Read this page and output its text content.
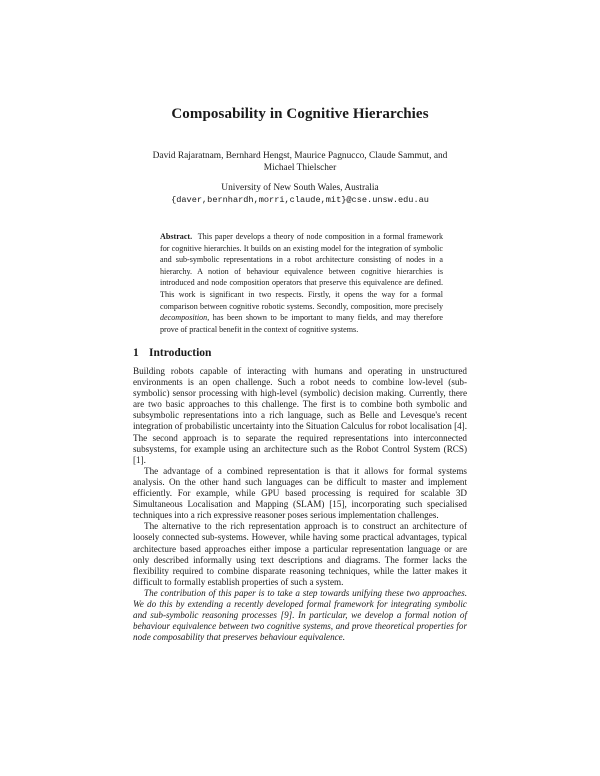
Composability in Cognitive Hierarchies
David Rajaratnam, Bernhard Hengst, Maurice Pagnucco, Claude Sammut, and
Michael Thielscher
University of New South Wales, Australia
{daver,bernhardh,morri,claude,mit}@cse.unsw.edu.au
Abstract. This paper develops a theory of node composition in a formal framework for cognitive hierarchies. It builds on an existing model for the integration of symbolic and sub-symbolic representations in a robot architecture consisting of nodes in a hierarchy. A notion of behaviour equivalence between cognitive hierarchies is introduced and node composition operators that preserve this equivalence are defined. This work is significant in two respects. Firstly, it opens the way for a formal comparison between cognitive robotic systems. Secondly, composition, more precisely decomposition, has been shown to be important to many fields, and may therefore prove of practical benefit in the context of cognitive systems.
1 Introduction

Building robots capable of interacting with humans and operating in unstructured environments is an open challenge. Such a robot needs to combine low-level (sub-symbolic) sensor processing with high-level (symbolic) decision making. Currently, there are two basic approaches to this challenge. The first is to combine both symbolic and subsymbolic representations into a rich language, such as Belle and Levesque's recent integration of probabilistic uncertainty into the Situation Calculus for robot localisation [4]. The second approach is to separate the required representations into interconnected subsystems, for example using an architecture such as the Robot Control System (RCS) [1].

The advantage of a combined representation is that it allows for formal systems analysis. On the other hand such languages can be difficult to master and implement efficiently. For example, while GPU based processing is required for scalable 3D Simultaneous Localisation and Mapping (SLAM) [15], incorporating such specialised techniques into a rich expressive reasoner poses serious implementation challenges.

The alternative to the rich representation approach is to construct an architecture of loosely connected sub-systems. However, while having some practical advantages, typical architecture based approaches either impose a particular representation language or are only described informally using text descriptions and diagrams. The former lacks the flexibility required to combine disparate reasoning techniques, while the latter makes it difficult to formally establish properties of such a system.

The contribution of this paper is to take a step towards unifying these two approaches. We do this by extending a recently developed formal framework for integrating symbolic and sub-symbolic reasoning processes [9]. In particular, we develop a formal notion of behaviour equivalence between two cognitive systems, and prove theoretical properties for node composability that preserves behaviour equivalence.
